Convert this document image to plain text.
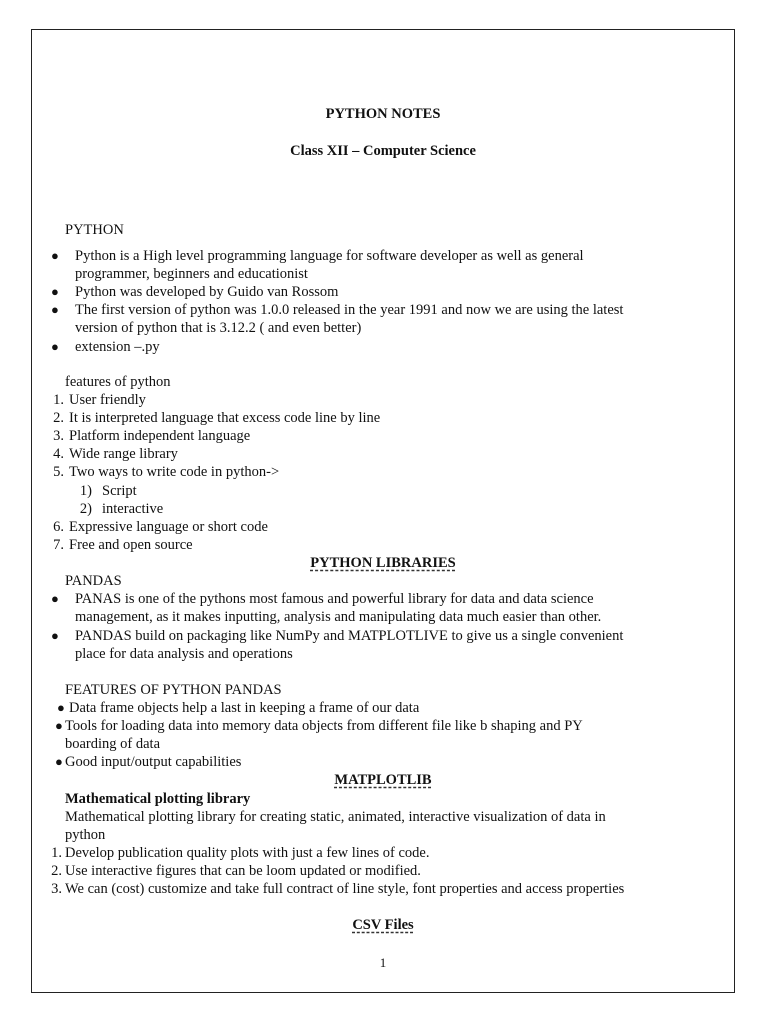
PYTHON NOTES
Class XII – Computer Science
PYTHON
● Python is a High level programming language for software developer as well as general
programmer, beginners and educationist
● Python was developed by Guido van Rossom
● The first version of python was 1.0.0 released in the year 1991 and now we are using the latest
version of python that is 3.12.2 ( and even better)
● extension –.py
features of python
1. User friendly
2. It is interpreted language that excess code line by line
3. Platform independent language
4. Wide range library
5. Two ways to write code in python->
1) Script
2) interactive
6. Expressive language or short code
7. Free and open source
PYTHON LIBRARIES
PANDAS
● PANAS is one of the pythons most famous and powerful library for data and data science
management, as it makes inputting, analysis and manipulating data much easier than other.
● PANDAS build on packaging like NumPy and MATPLOTLIVE to give us a single convenient
place for data analysis and operations
FEATURES OF PYTHON PANDAS
● Data frame objects help a last in keeping a frame of our data
● Tools for loading data into memory data objects from different file like b shaping and PY
boarding of data
● Good input/output capabilities
MATPLOTLIB
Mathematical plotting library
Mathematical plotting library for creating static, animated, interactive visualization of data in
python
1. Develop publication quality plots with just a few lines of code.
2. Use interactive figures that can be loom updated or modified.
3. We can (cost) customize and take full contract of line style, font properties and access properties
CSV Files
1
